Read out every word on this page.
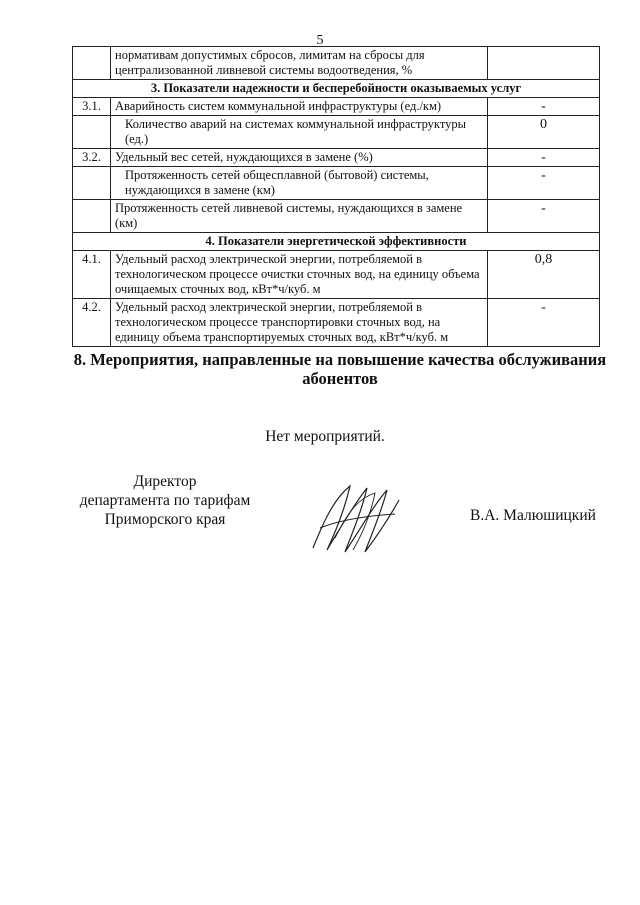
5
	нормативам допустимых сбросов, лимитам на сбросы для централизованной ливневой системы водоотведения, %	
3. Показатели надежности и бесперебойности оказываемых услуг		
3.1.	Аварийность систем коммунальной инфраструктуры (ед./км)	-
	Количество аварий на системах коммунальной инфраструктуры (ед.)	0
3.2.	Удельный вес сетей, нуждающихся в замене (%)	-
	Протяженность сетей общесплавной (бытовой) системы, нуждающихся в замене (км)	-
	Протяженность сетей ливневой системы, нуждающихся в замене (км)	-
4. Показатели энергетической эффективности		
4.1.	Удельный расход электрической энергии, потребляемой в технологическом процессе очистки сточных вод, на единицу объема очищаемых сточных вод, кВт*ч/куб. м	0,8
4.2.	Удельный расход электрической энергии, потребляемой в технологическом процессе транспортировки сточных вод, на единицу объема транспортируемых сточных вод, кВт*ч/куб. м	-
8. Мероприятия, направленные на повышение качества обслуживания абонентов
Нет мероприятий.
Директор
департамента по тарифам
Приморского края	В.А. Малюшицкий
